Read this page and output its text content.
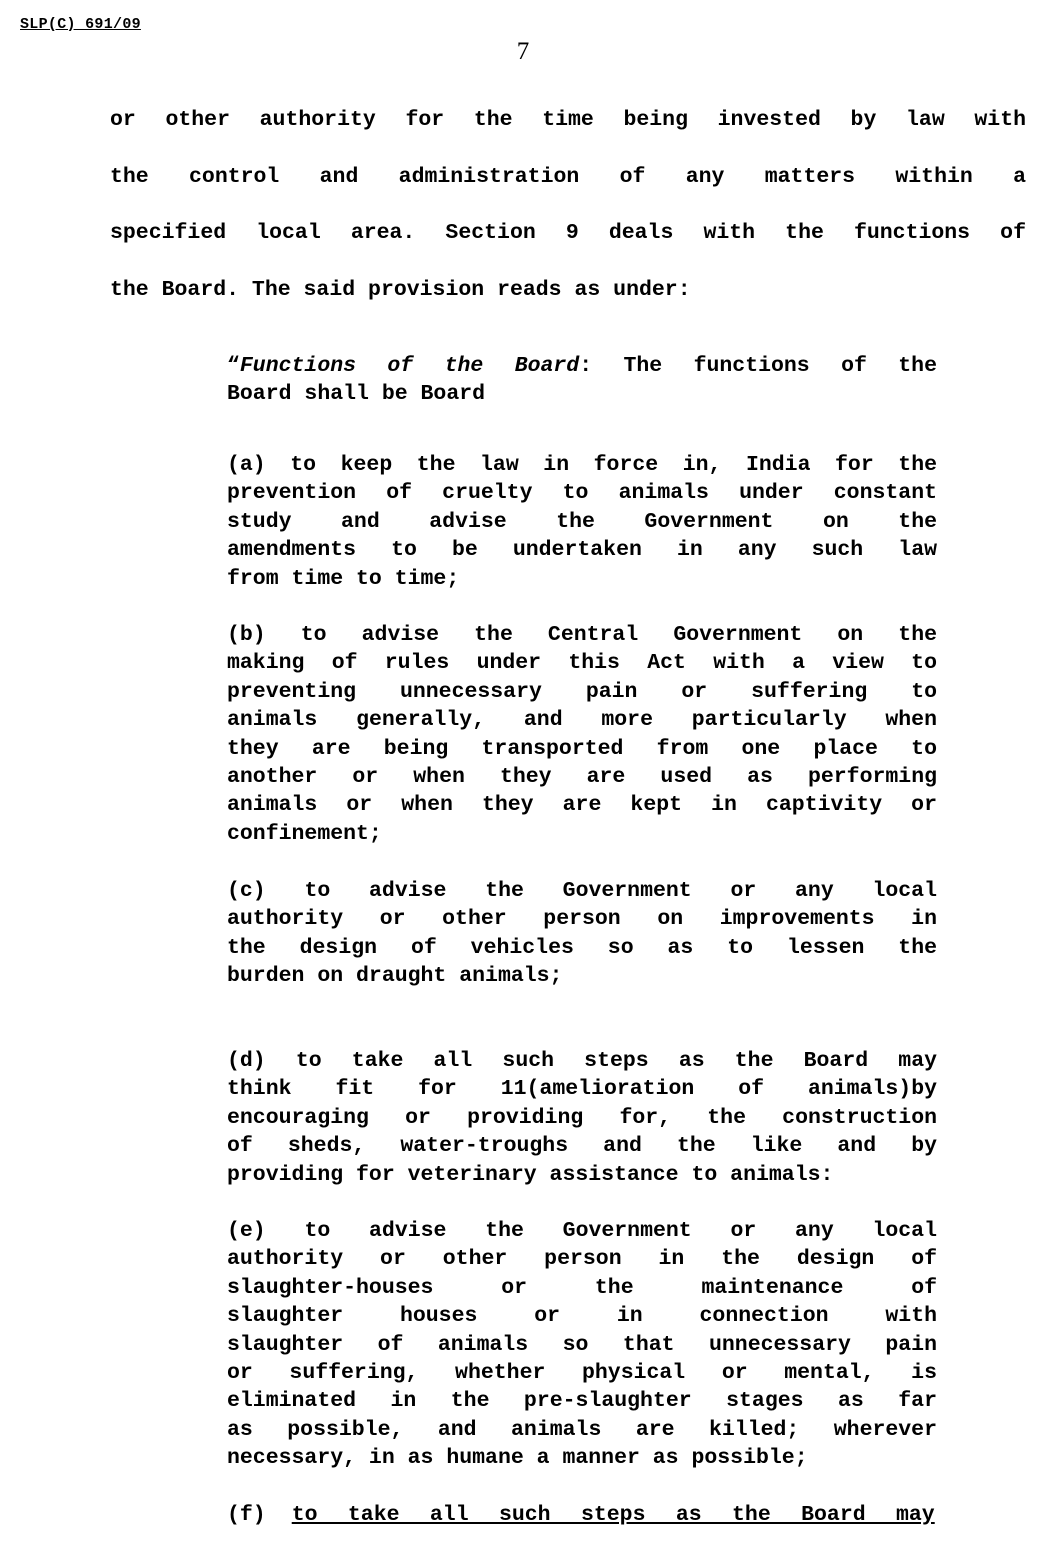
SLP(C) 691/09
7
or other authority for the time being invested by law with
the control and administration of any matters within a
specified local area. Section 9 deals with the functions of
the Board. The said provision reads as under:
“Functions of the Board: The functions of the
Board shall be Board
(a) to keep the law in force in, India for the
prevention of cruelty to animals under constant
study and advise the Government on the
amendments to be undertaken in any such law
from time to time;
(b) to advise the Central Government on the
making of rules under this Act with a view to
preventing unnecessary pain or suffering to
animals generally, and more particularly when
they are being transported from one place to
another or when they are used as performing
animals or when they are kept in captivity or
confinement;
(c) to advise the Government or any local
authority or other person on improvements in
the design of vehicles so as to lessen the
burden on draught animals;
(d) to take all such steps as the Board may
think fit for 11(amelioration of animals)by
encouraging or providing for, the construction
of sheds, water-troughs and the like and by
providing for veterinary assistance to animals:
(e) to advise the Government or any local
authority or other person in the design of
slaughter-houses or the maintenance of
slaughter houses or in connection with
slaughter of animals so that unnecessary pain
or suffering, whether physical or mental, is
eliminated in the pre-slaughter stages as far
as possible, and animals are killed; wherever
necessary, in as humane a manner as possible;
(f) to take all such steps as the Board may
